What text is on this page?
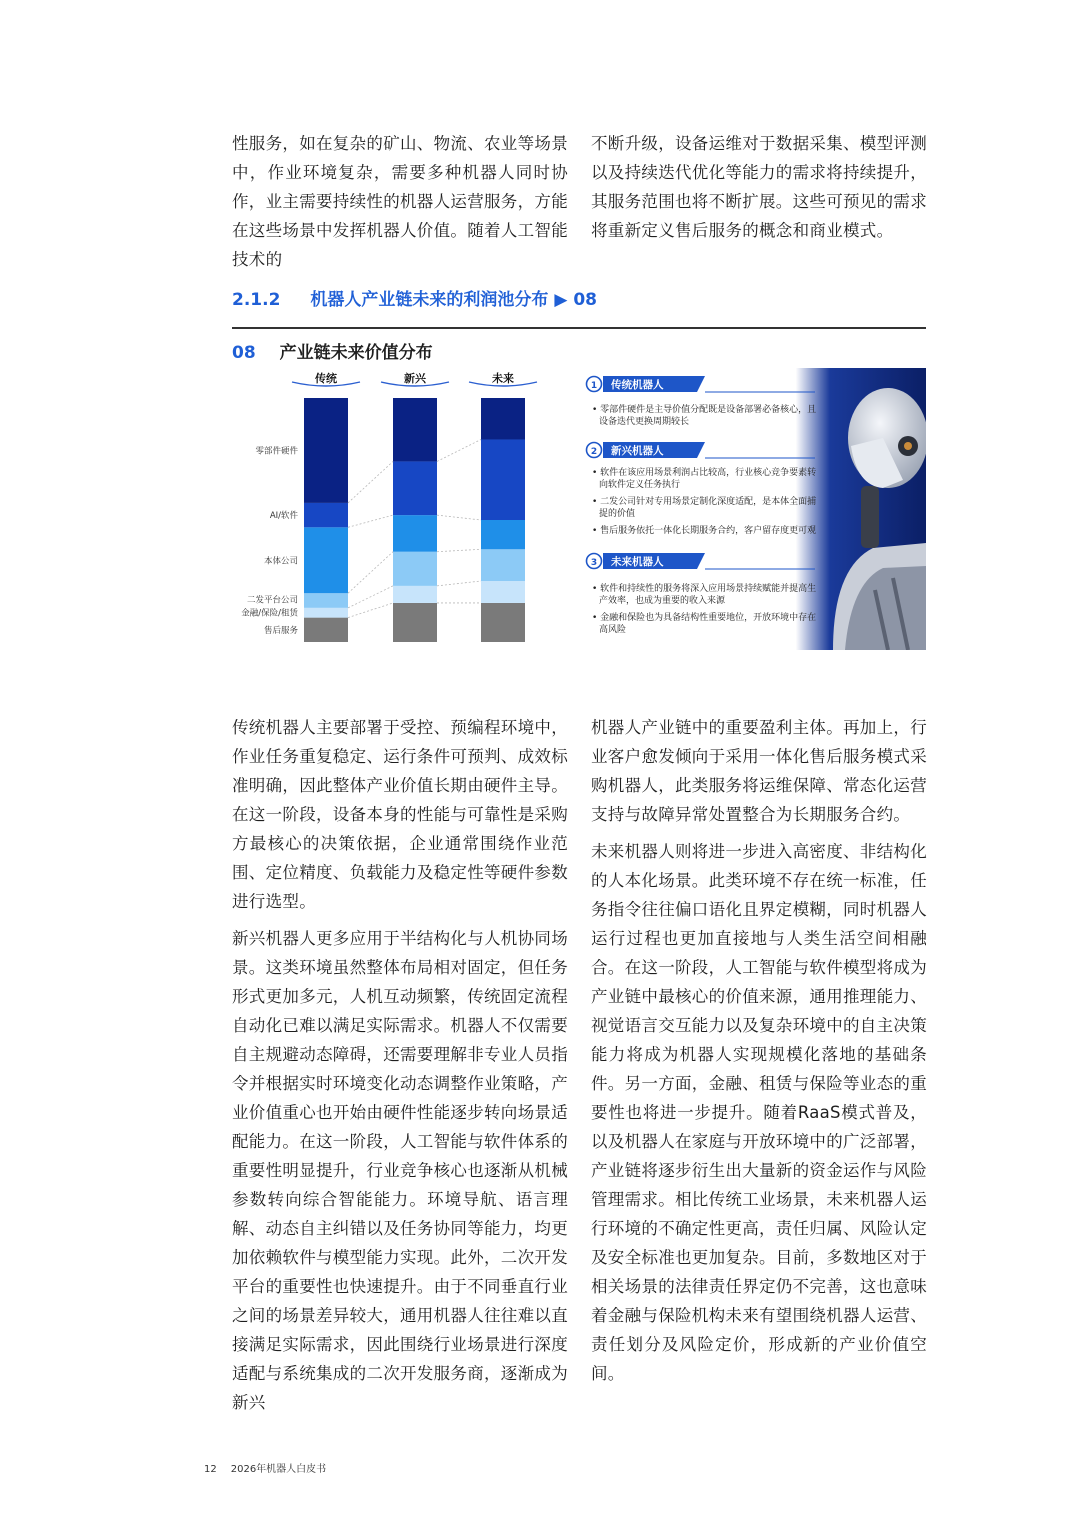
性服务，如在复杂的矿山、物流、农业等场景中，作业环境复杂，需要多种机器人同时协作，业主需要持续性的机器人运营服务，方能在这些场景中发挥机器人价值。随着人工智能技术的

不断升级，设备运维对于数据采集、模型评测以及持续迭代优化等能力的需求将持续提升，其服务范围也将不断扩展。这些可预见的需求将重新定义售后服务的概念和商业模式。

2.1.2 机器人产业链未来的利润池分布 ▶ 08
08 产业链未来价值分布
传统	新兴	未来
零部件硬件
AI/软件
本体公司
二发平台公司
金融/保险/租赁
售后服务
1 传统机器人
• 零部件硬件是主导价值分配既是设备部署必备核心，且设备迭代更换周期较长
2 新兴机器人
• 软件在该应用场景利润占比较高，行业核心竞争要素转向软件定义任务执行
• 二发公司针对专用场景定制化深度适配，是本体全面捕捉的价值
• 售后服务依托一体化长期服务合约，客户留存度更可观
3 未来机器人
• 软件和持续性的服务将深入应用场景持续赋能并提高生产效率，也成为重要的收入来源
• 金融和保险也为具备结构性重要地位，开放环境中存在高风险

传统机器人主要部署于受控、预编程环境中，作业任务重复稳定、运行条件可预判、成效标准明确，因此整体产业价值长期由硬件主导。在这一阶段，设备本身的性能与可靠性是采购方最核心的决策依据，企业通常围绕作业范围、定位精度、负载能力及稳定性等硬件参数进行选型。

新兴机器人更多应用于半结构化与人机协同场景。这类环境虽然整体布局相对固定，但任务形式更加多元，人机互动频繁，传统固定流程自动化已难以满足实际需求。机器人不仅需要自主规避动态障碍，还需要理解非专业人员指令并根据实时环境变化动态调整作业策略，产业价值重心也开始由硬件性能逐步转向场景适配能力。在这一阶段，人工智能与软件体系的重要性明显提升，行业竞争核心也逐渐从机械参数转向综合智能能力。环境导航、语言理解、动态自主纠错以及任务协同等能力，均更加依赖软件与模型能力实现。此外，二次开发平台的重要性也快速提升。由于不同垂直行业之间的场景差异较大，通用机器人往往难以直接满足实际需求，因此围绕行业场景进行深度适配与系统集成的二次开发服务商，逐渐成为新兴

机器人产业链中的重要盈利主体。再加上，行业客户愈发倾向于采用一体化售后服务模式采购机器人，此类服务将运维保障、常态化运营支持与故障异常处置整合为长期服务合约。

未来机器人则将进一步进入高密度、非结构化的人本化场景。此类环境不存在统一标准，任务指令往往偏口语化且界定模糊，同时机器人运行过程也更加直接地与人类生活空间相融合。在这一阶段，人工智能与软件模型将成为产业链中最核心的价值来源，通用推理能力、视觉语言交互能力以及复杂环境中的自主决策能力将成为机器人实现规模化落地的基础条件。另一方面，金融、租赁与保险等业态的重要性也将进一步提升。随着RaaS模式普及，以及机器人在家庭与开放环境中的广泛部署，产业链将逐步衍生出大量新的资金运作与风险管理需求。相比传统工业场景，未来机器人运行环境的不确定性更高，责任归属、风险认定及安全标准也更加复杂。目前，多数地区对于相关场景的法律责任界定仍不完善，这也意味着金融与保险机构未来有望围绕机器人运营、责任划分及风险定价，形成新的产业价值空间。

12 2026年机器人白皮书
